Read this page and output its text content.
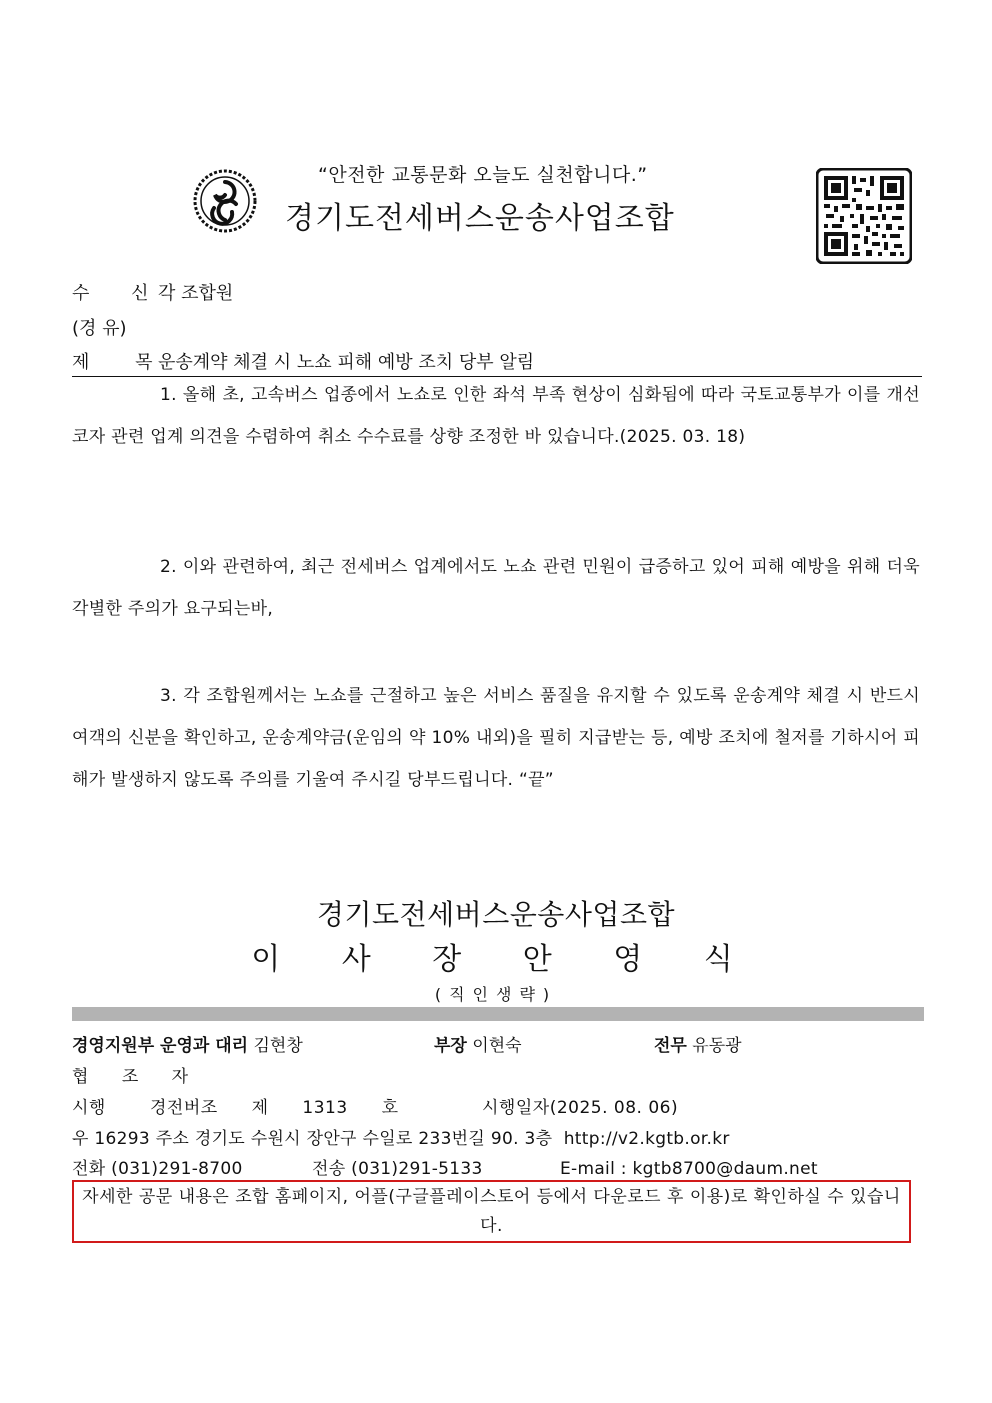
“안전한 교통문화 오늘도 실천합니다.”
경기도전세버스운송사업조합
수 신각 조합원
(경 유)
제 목운송계약 체결 시 노쇼 피해 예방 조치 당부 알림
1. 올해 초, 고속버스 업종에서 노쇼로 인한 좌석 부족 현상이 심화됨에 따라 국토교통부가 이를 개선코자 관련 업계 의견을 수렴하여 취소 수수료를 상향 조정한 바 있습니다.(2025. 03. 18)
2. 이와 관련하여, 최근 전세버스 업계에서도 노쇼 관련 민원이 급증하고 있어 피해 예방을 위해 더욱 각별한 주의가 요구되는바,
3. 각 조합원께서는 노쇼를 근절하고 높은 서비스 품질을 유지할 수 있도록 운송계약 체결 시 반드시 여객의 신분을 확인하고, 운송계약금(운임의 약 10% 내외)을 필히 지급받는 등, 예방 조치에 철저를 기하시어 피해가 발생하지 않도록 주의를 기울여 주시길 당부드립니다. “끝”
경기도전세버스운송사업조합
이 사 장 안 영 식
(직인생략)
경영지원부 운영과 대리 김현창	부장 이현숙	전무 유동광
협 조 자
시행	경전버조 제 1313 호	시행일자(2025. 08. 06)
우 16293 주소 경기도 수원시 장안구 수일로 233번길 90. 3층 http://v2.kgtb.or.kr
전화 (031)291-8700	전송 (031)291-5133	E-mail : kgtb8700@daum.net
자세한 공문 내용은 조합 홈페이지, 어플(구글플레이스토어 등에서 다운로드 후 이용)로 확인하실 수 있습니다.
